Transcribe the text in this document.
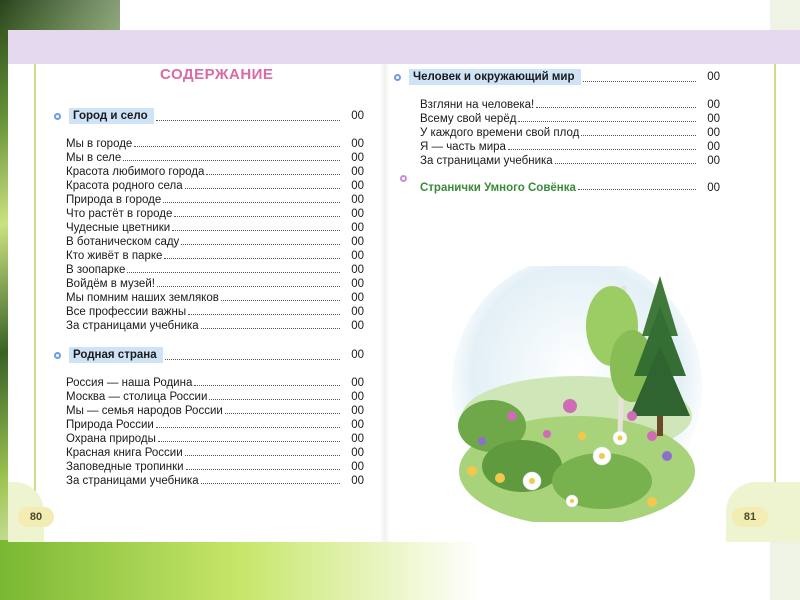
СОДЕРЖАНИЕ
Город и село	00
Мы в городе	00
Мы в селе	00
Красота любимого города	00
Красота родного села	00
Природа в городе	00
Что растёт в городе	00
Чудесные цветники	00
В ботаническом саду	00
Кто живёт в парке	00
В зоопарке	00
Войдём в музей!	00
Мы помним наших земляков	00
Все профессии важны	00
За страницами учебника	00
Родная страна	00
Россия — наша Родина	00
Москва — столица России	00
Мы — семья народов России	00
Природа России	00
Охрана природы	00
Красная книга России	00
Заповедные тропинки	00
За страницами учебника	00
80
Человек и окружающий мир	00
Взгляни на человека!	00
Всему свой черёд	00
У каждого времени свой плод	00
Я — часть мира	00
За страницами учебника	00
Странички Умного Совёнка	00
81
